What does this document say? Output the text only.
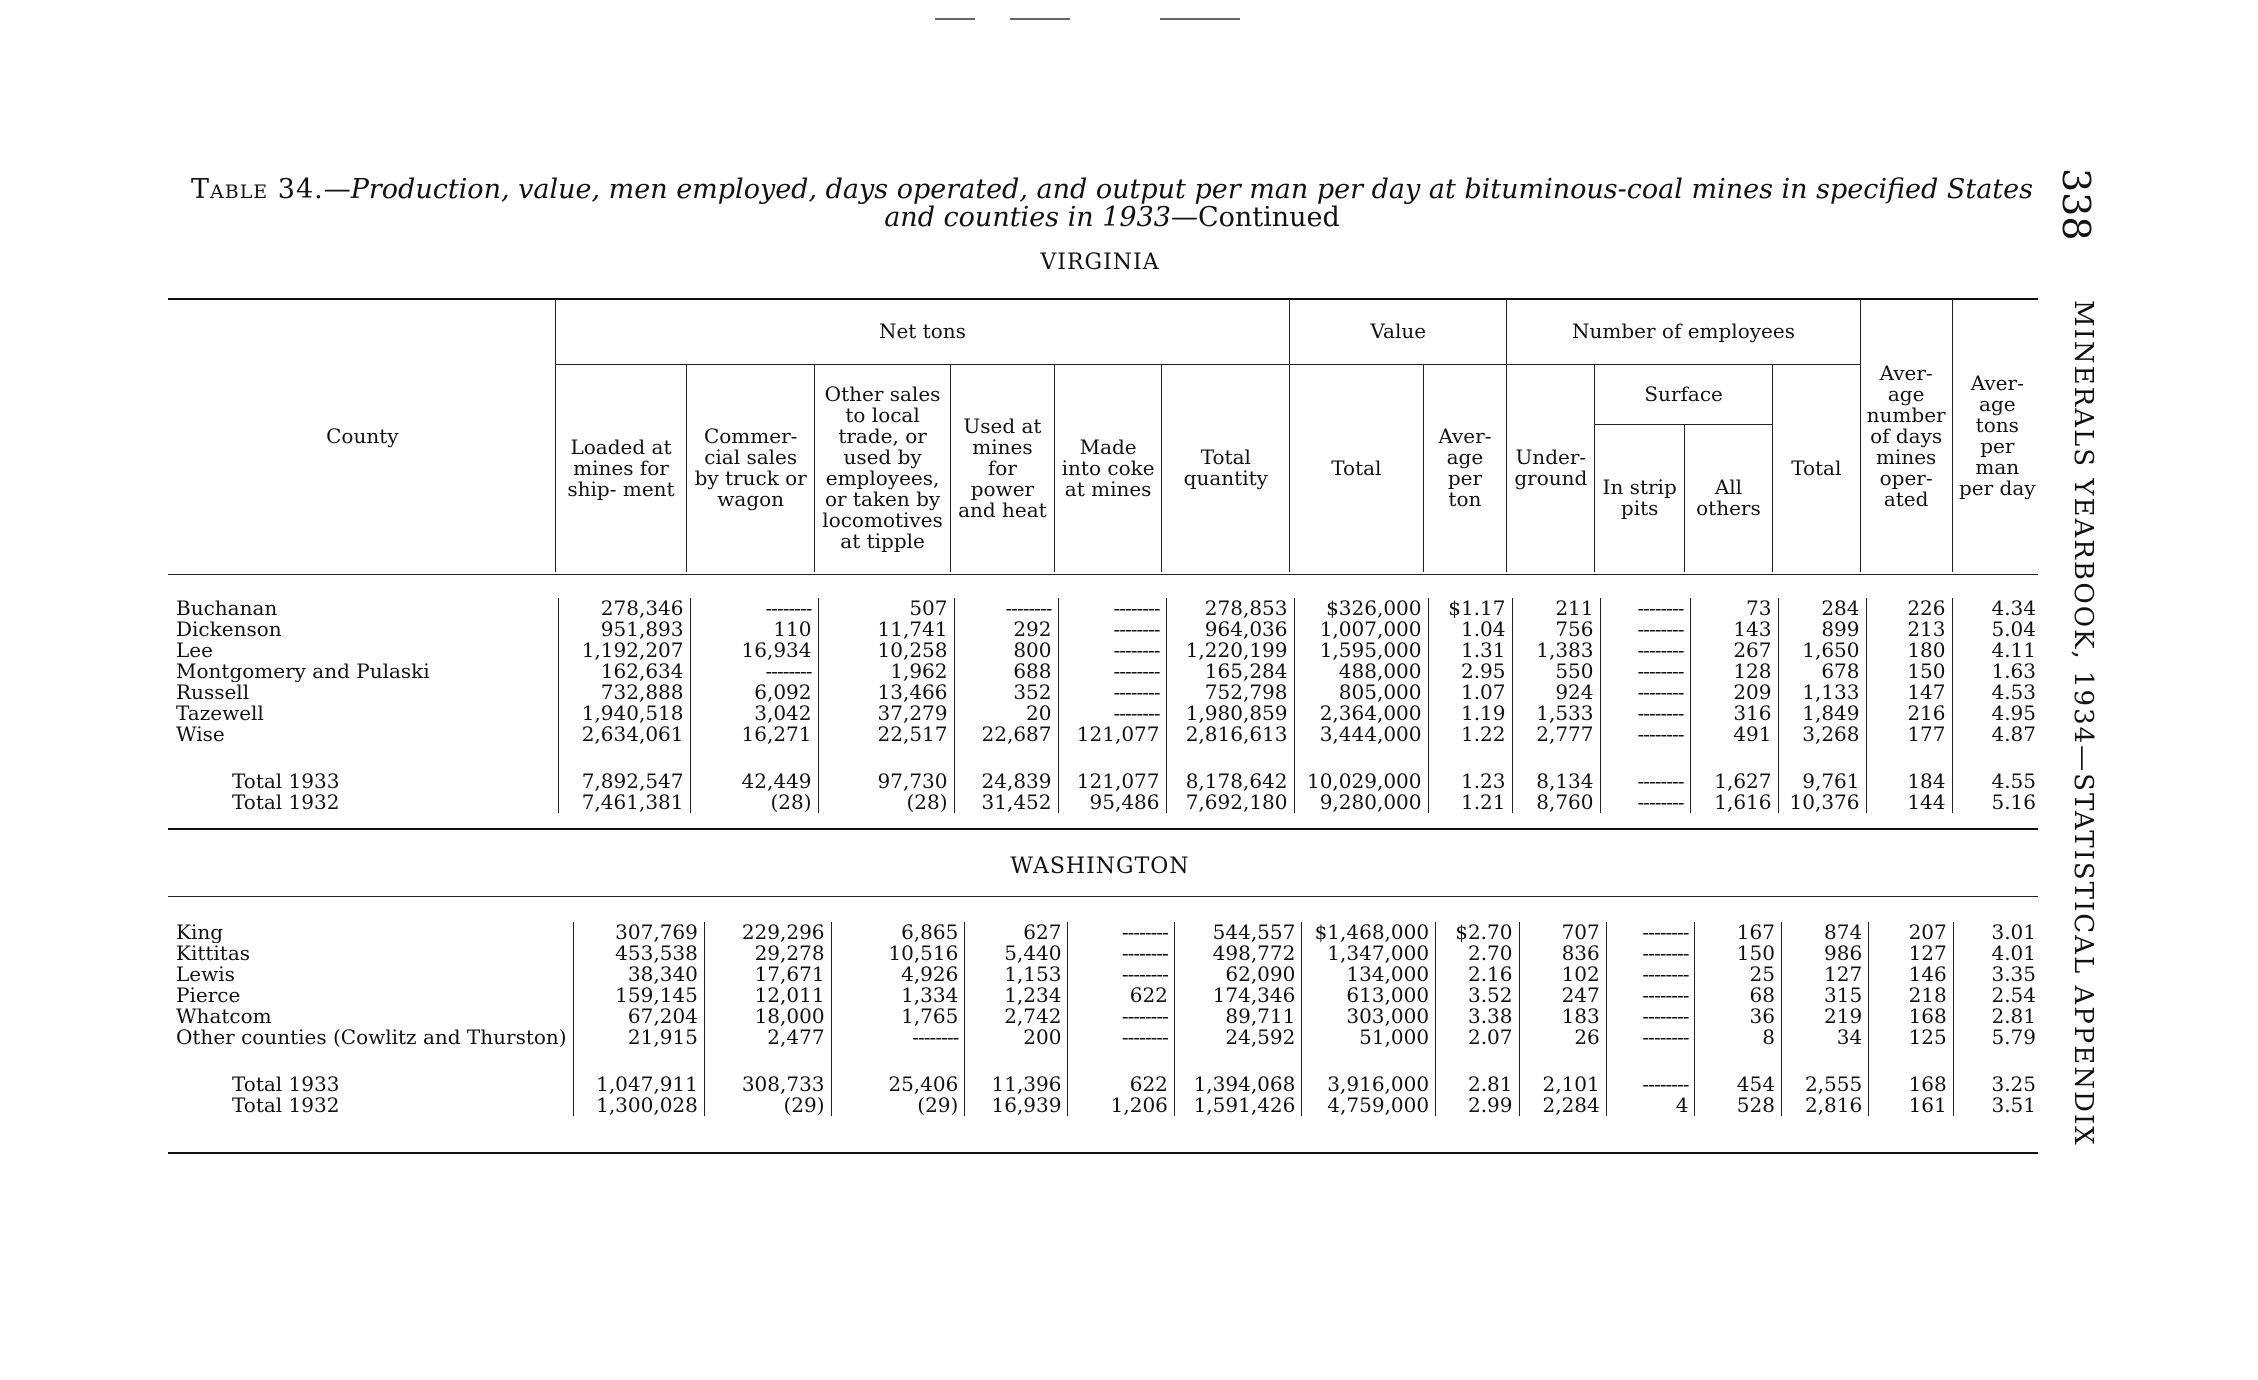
Table 34.—Production, value, men employed, days operated, and output per man per day at bituminous-coal mines in specified States and counties in 1933—Continued	338
MINERALS YEARBOOK, 1934—STATISTICAL APPENDIX
VIRGINIA
County	Net tons						Value		Number of employees				Aver- age number of days mines oper- ated	Aver- age tons per man per day
	Loaded at mines for ship- ment	Commer- cial sales by truck or wagon	Other sales to local trade, or used by employees, or taken by locomotives at tipple	Used at mines for power and heat	Made into coke at mines	Total quantity	Total	Aver- age per ton	Under- ground	Surface		Total		
										In strip pits	All others			
Buchanan	278,346	--------	507	--------	--------	278,853	$326,000	$1.17	211	--------	73	284	226	4.34
Dickenson	951,893	110	11,741	292	--------	964,036	1,007,000	1.04	756	--------	143	899	213	5.04
Lee	1,192,207	16,934	10,258	800	--------	1,220,199	1,595,000	1.31	1,383	--------	267	1,650	180	4.11
Montgomery and Pulaski	162,634	--------	1,962	688	--------	165,284	488,000	2.95	550	--------	128	678	150	1.63
Russell	732,888	6,092	13,466	352	--------	752,798	805,000	1.07	924	--------	209	1,133	147	4.53
Tazewell	1,940,518	3,042	37,279	20	--------	1,980,859	2,364,000	1.19	1,533	--------	316	1,849	216	4.95
Wise	2,634,061	16,271	22,517	22,687	121,077	2,816,613	3,444,000	1.22	2,777	--------	491	3,268	177	4.87

Total 1933	7,892,547	42,449	97,730	24,839	121,077	8,178,642	10,029,000	1.23	8,134	--------	1,627	9,761	184	4.55
Total 1932	7,461,381	(28)	(28)	31,452	95,486	7,692,180	9,280,000	1.21	8,760	--------	1,616	10,376	144	5.16
WASHINGTON
King	307,769	229,296	6,865	627	--------	544,557	$1,468,000	$2.70	707	--------	167	874	207	3.01
Kittitas	453,538	29,278	10,516	5,440	--------	498,772	1,347,000	2.70	836	--------	150	986	127	4.01
Lewis	38,340	17,671	4,926	1,153	--------	62,090	134,000	2.16	102	--------	25	127	146	3.35
Pierce	159,145	12,011	1,334	1,234	622	174,346	613,000	3.52	247	--------	68	315	218	2.54
Whatcom	67,204	18,000	1,765	2,742	--------	89,711	303,000	3.38	183	--------	36	219	168	2.81
Other counties (Cowlitz and Thurston)	21,915	2,477	--------	200	--------	24,592	51,000	2.07	26	--------	8	34	125	5.79

Total 1933	1,047,911	308,733	25,406	11,396	622	1,394,068	3,916,000	2.81	2,101	--------	454	2,555	168	3.25
Total 1932	1,300,028	(29)	(29)	16,939	1,206	1,591,426	4,759,000	2.99	2,284	4	528	2,816	161	3.51
